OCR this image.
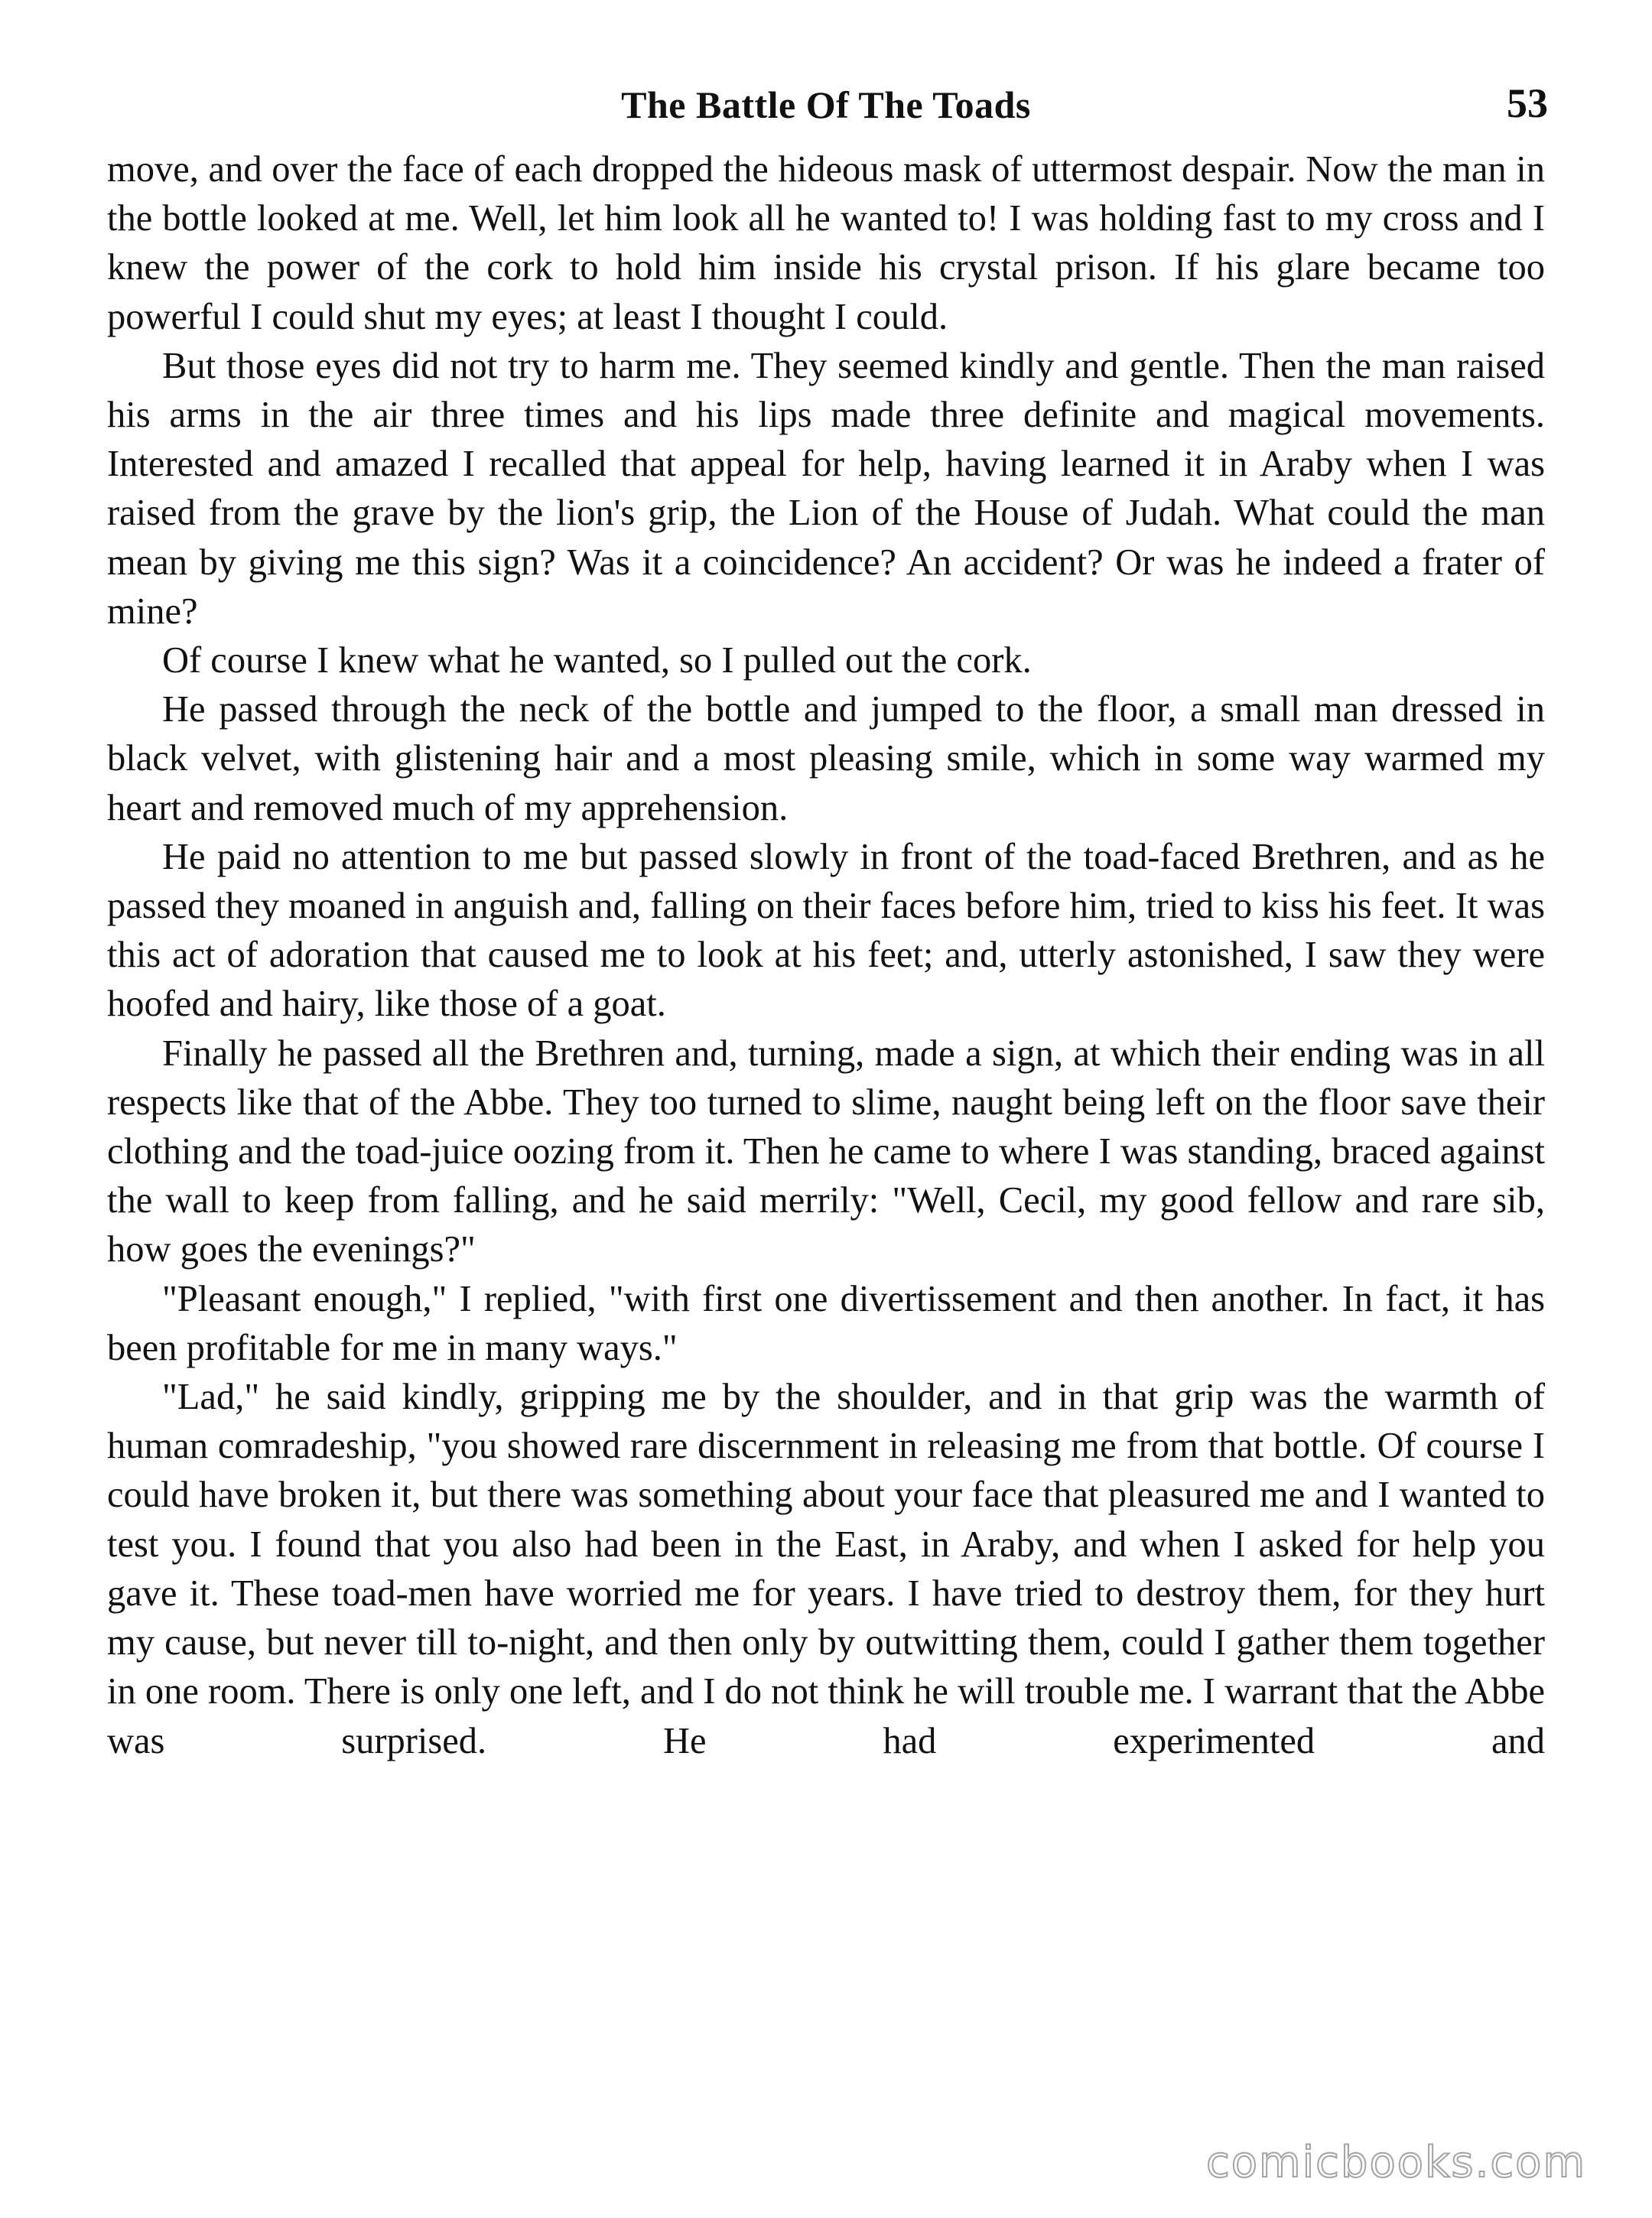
The Battle Of The Toads	53

move, and over the face of each dropped the hideous mask of uttermost despair. Now the man in the bottle looked at me. Well, let him look all he wanted to! I was holding fast to my cross and I knew the power of the cork to hold him inside his crystal prison. If his glare became too powerful I could shut my eyes; at least I thought I could.

But those eyes did not try to harm me. They seemed kindly and gentle. Then the man raised his arms in the air three times and his lips made three definite and magical movements. Interested and amazed I recalled that appeal for help, having learned it in Araby when I was raised from the grave by the lion's grip, the Lion of the House of Judah. What could the man mean by giving me this sign? Was it a coincidence? An accident? Or was he indeed a frater of mine?

Of course I knew what he wanted, so I pulled out the cork.

He passed through the neck of the bottle and jumped to the floor, a small man dressed in black velvet, with glistening hair and a most pleasing smile, which in some way warmed my heart and removed much of my apprehension.

He paid no attention to me but passed slowly in front of the toad-faced Brethren, and as he passed they moaned in anguish and, falling on their faces before him, tried to kiss his feet. It was this act of adoration that caused me to look at his feet; and, utterly astonished, I saw they were hoofed and hairy, like those of a goat.

Finally he passed all the Brethren and, turning, made a sign, at which their ending was in all respects like that of the Abbe. They too turned to slime, naught being left on the floor save their clothing and the toad-juice oozing from it. Then he came to where I was standing, braced against the wall to keep from falling, and he said merrily: "Well, Cecil, my good fellow and rare sib, how goes the evenings?"

"Pleasant enough," I replied, "with first one divertissement and then another. In fact, it has been profitable for me in many ways."

"Lad," he said kindly, gripping me by the shoulder, and in that grip was the warmth of human comradeship, "you showed rare discernment in releasing me from that bottle. Of course I could have broken it, but there was something about your face that pleasured me and I wanted to test you. I found that you also had been in the East, in Araby, and when I asked for help you gave it. These toad-men have worried me for years. I have tried to destroy them, for they hurt my cause, but never till to-night, and then only by outwitting them, could I gather them together in one room. There is only one left, and I do not think he will trouble me. I warrant that the Abbe was surprised. He had experimented and

comicbooks.com
